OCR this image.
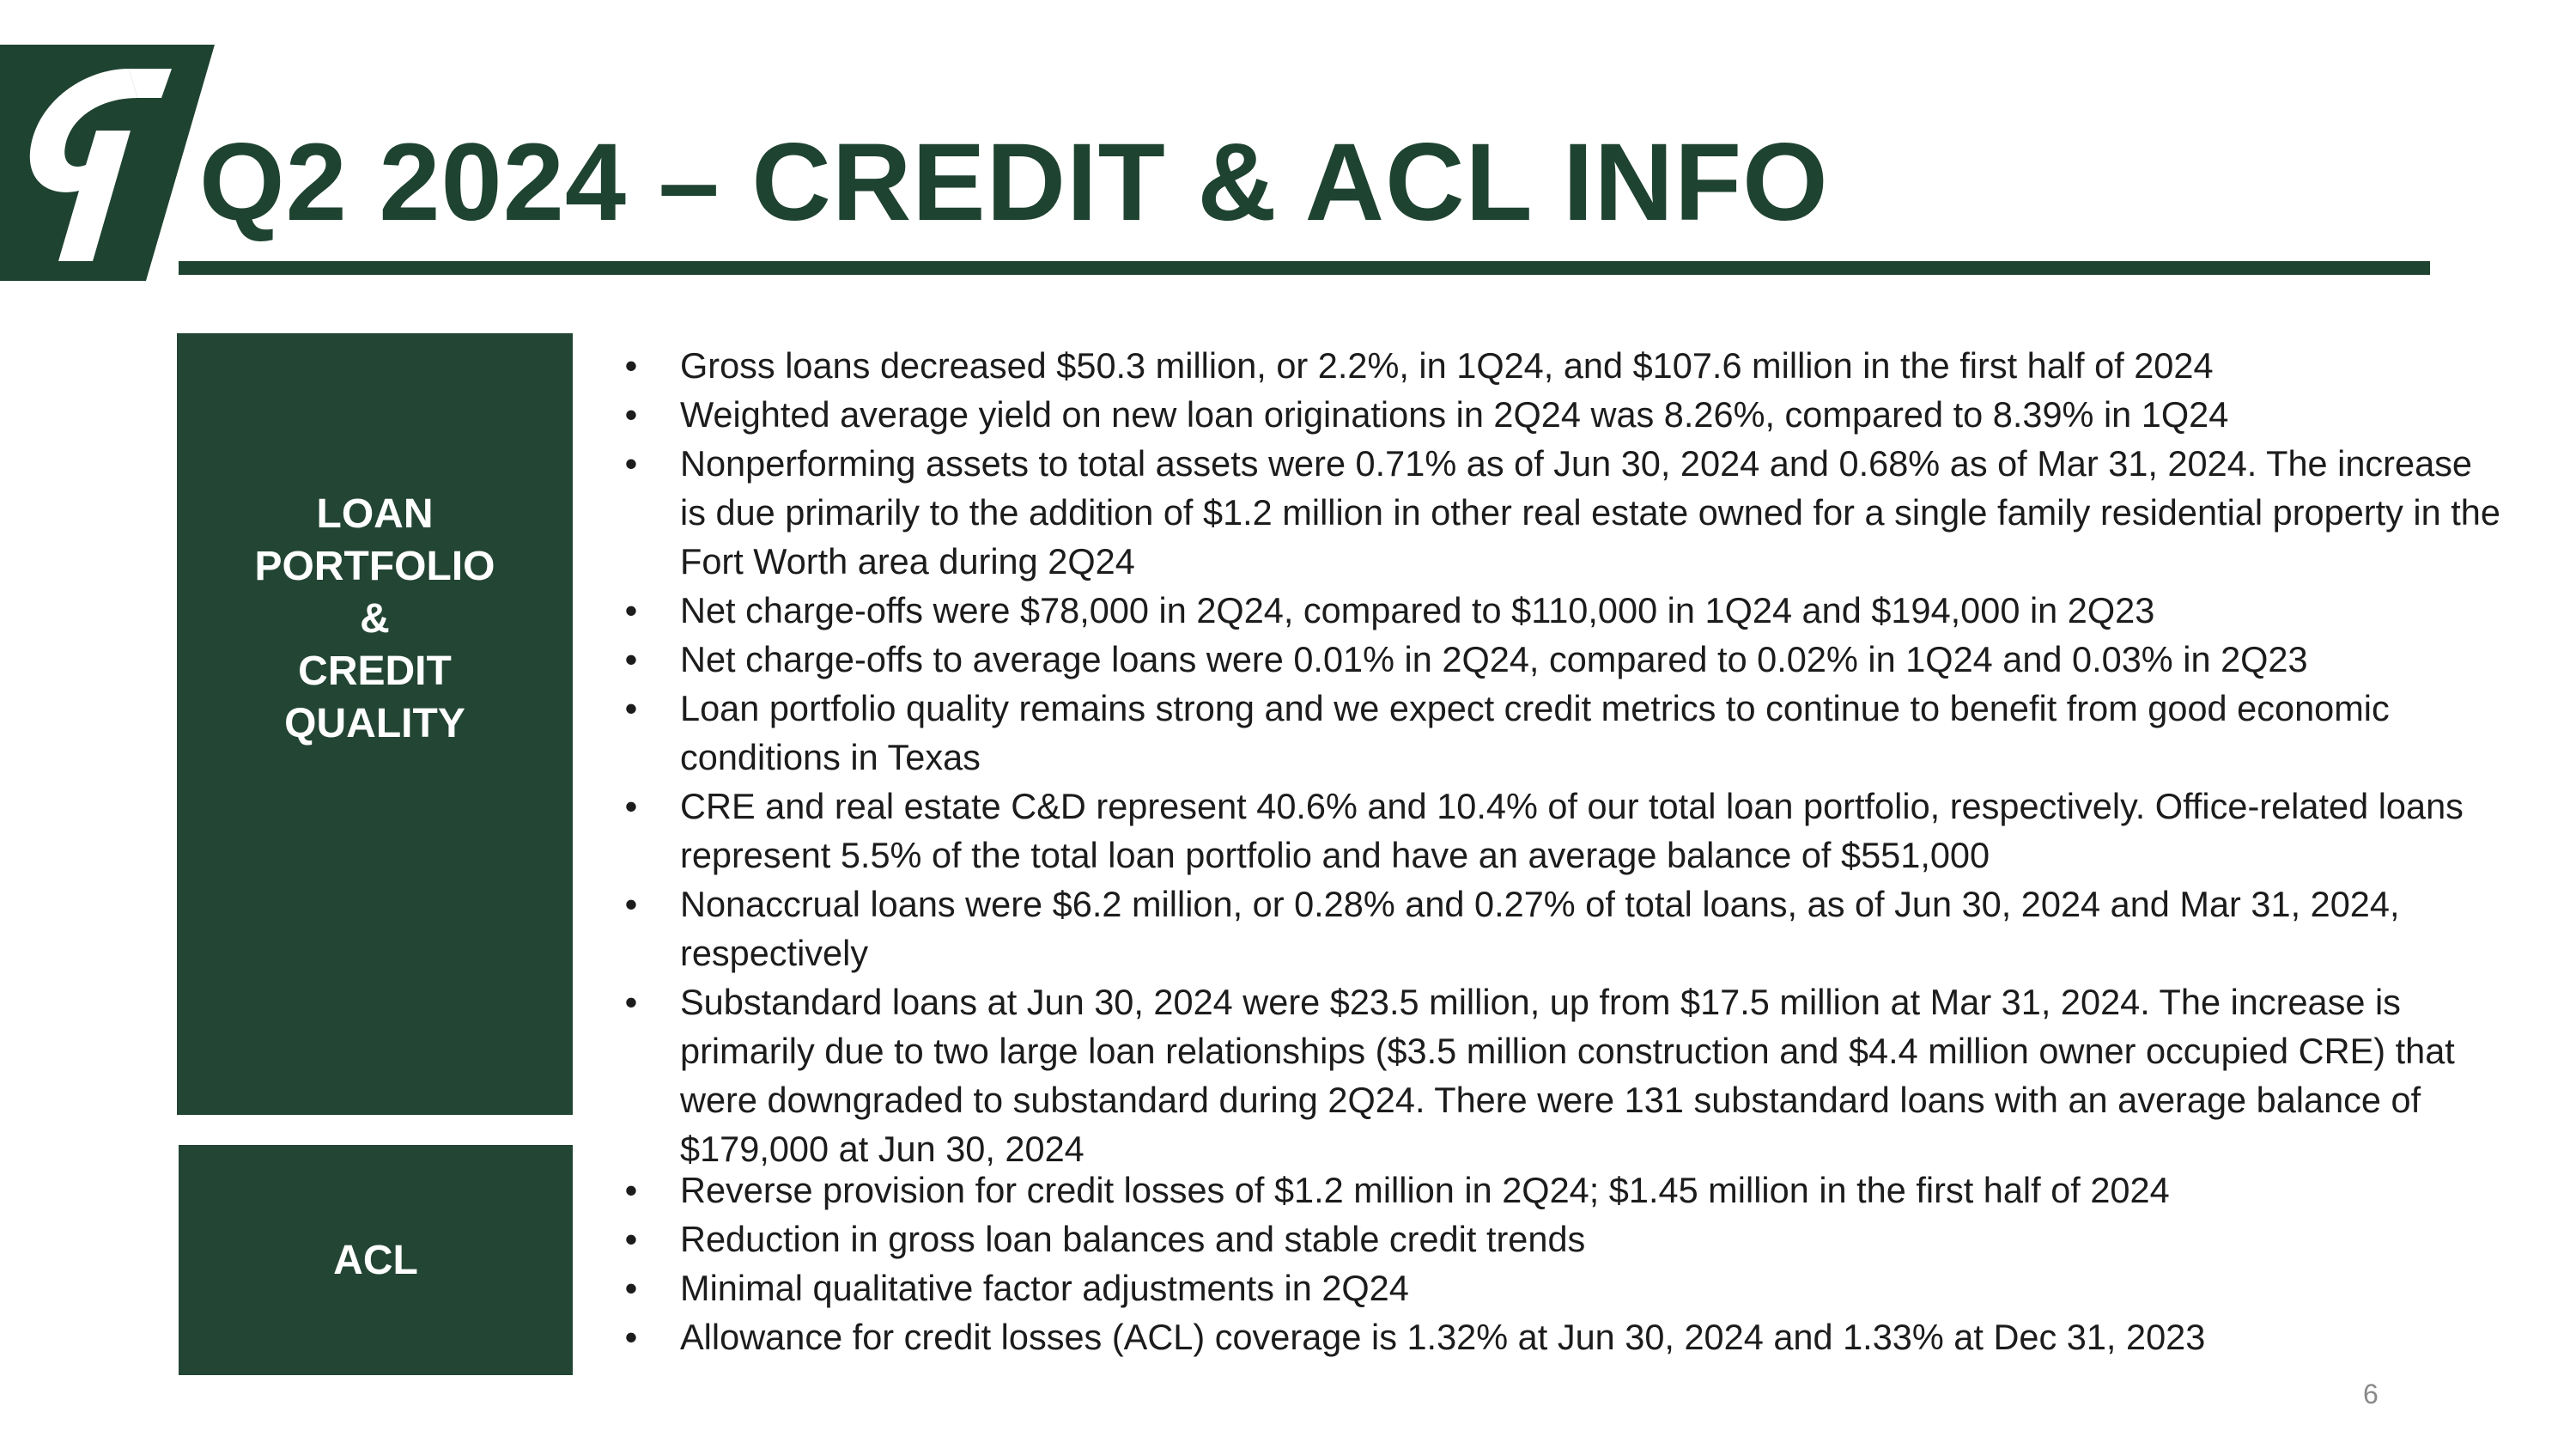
Q2 2024 – CREDIT & ACL INFO
LOAN
PORTFOLIO
&
CREDIT
QUALITY
ACL
• Gross loans decreased $50.3 million, or 2.2%, in 1Q24, and $107.6 million in the first half of 2024
• Weighted average yield on new loan originations in 2Q24 was 8.26%, compared to 8.39% in 1Q24
• Nonperforming assets to total assets were 0.71% as of Jun 30, 2024 and 0.68% as of Mar 31, 2024. The increase is due primarily to the addition of $1.2 million in other real estate owned for a single family residential property in the Fort Worth area during 2Q24
• Net charge-offs were $78,000 in 2Q24, compared to $110,000 in 1Q24 and $194,000 in 2Q23
• Net charge-offs to average loans were 0.01% in 2Q24, compared to 0.02% in 1Q24 and 0.03% in 2Q23
• Loan portfolio quality remains strong and we expect credit metrics to continue to benefit from good economic conditions in Texas
• CRE and real estate C&D represent 40.6% and 10.4% of our total loan portfolio, respectively. Office-related loans represent 5.5% of the total loan portfolio and have an average balance of $551,000
• Nonaccrual loans were $6.2 million, or 0.28% and 0.27% of total loans, as of Jun 30, 2024 and Mar 31, 2024, respectively
• Substandard loans at Jun 30, 2024 were $23.5 million, up from $17.5 million at Mar 31, 2024. The increase is primarily due to two large loan relationships ($3.5 million construction and $4.4 million owner occupied CRE) that were downgraded to substandard during 2Q24. There were 131 substandard loans with an average balance of $179,000 at Jun 30, 2024
• Reverse provision for credit losses of $1.2 million in 2Q24; $1.45 million in the first half of 2024
• Reduction in gross loan balances and stable credit trends
• Minimal qualitative factor adjustments in 2Q24
• Allowance for credit losses (ACL) coverage is 1.32% at Jun 30, 2024 and 1.33% at Dec 31, 2023
6
